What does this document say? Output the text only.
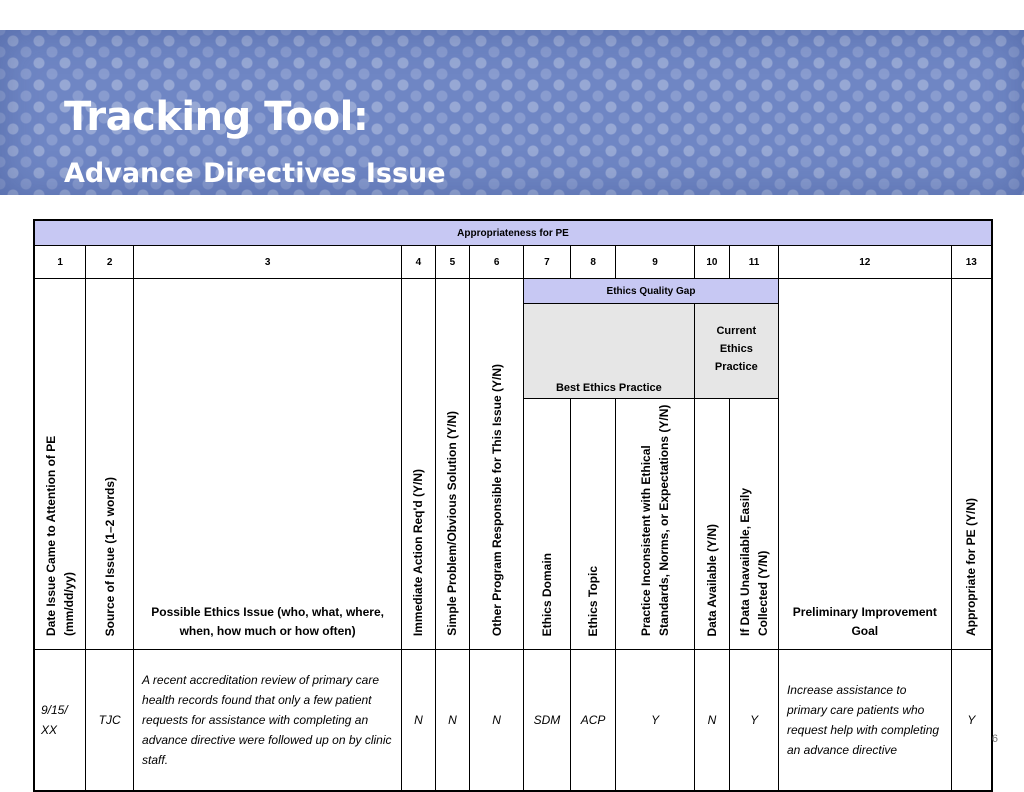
Tracking Tool:
Advance Directives Issue
Appropriateness for PE												
1	2	3	4	5	6	7	8	9	10	11	12	13
Date Issue Came to Attention of PE (mm/dd/yy)	Source of Issue (1–2 words)	Possible Ethics Issue (who, what, where, when, how much or how often)	Immediate Action Req'd (Y/N)	Simple Problem/Obvious Solution (Y/N)	Other Program Responsible for This Issue (Y/N)	Ethics Quality Gap					Preliminary Improvement Goal	Appropriate for PE (Y/N)
						Best Ethics Practice			Current Ethics Practice			
						Ethics Domain	Ethics Topic	Practice Inconsistent with Ethical Standards, Norms, or Expectations (Y/N)	Data Available (Y/N)	If Data Unavailable, Easily Collected (Y/N)		
9/15/ XX	TJC	A recent accreditation review of primary care health records found that only a few patient requests for assistance with completing an advance directive were followed up on by clinic staff.	N	N	N	SDM	ACP	Y	N	Y	Increase assistance to primary care patients who request help with completing an advance directive	Y
6
